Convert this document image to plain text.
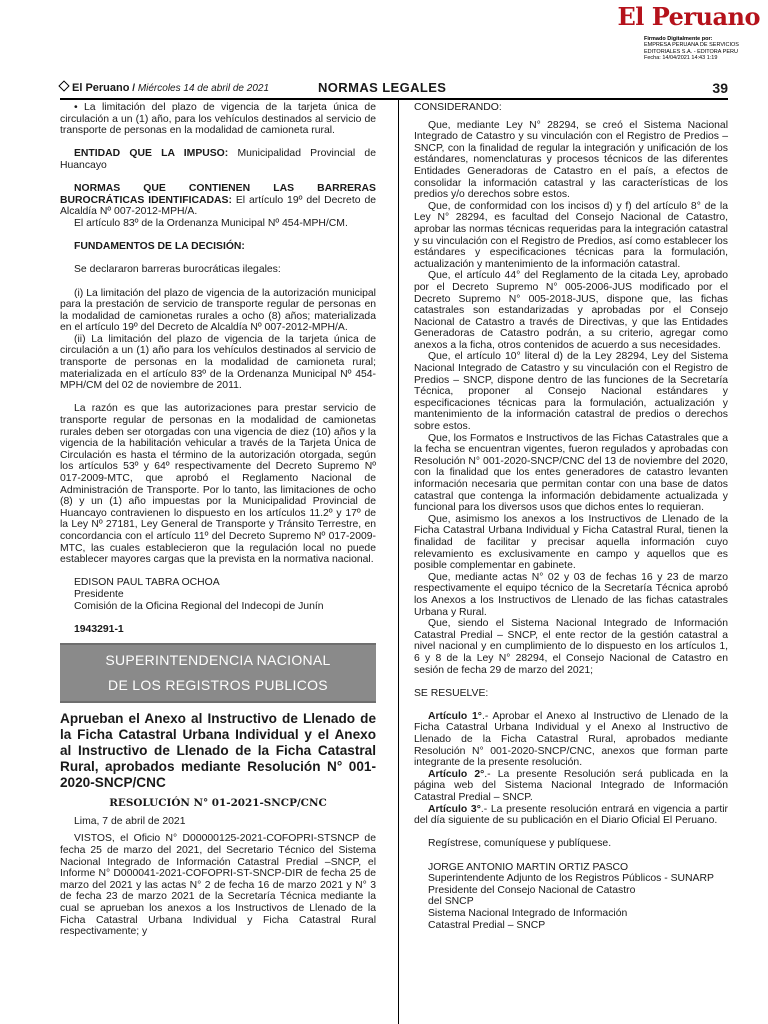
El Peruano
Firmado Digitalmente por:
EMPRESA PERUANA DE SERVICIOS
EDITORIALES S.A. - EDITORA PERU
Fecha: 14/04/2021 14:43 1:19
El Peruano / Miércoles 14 de abril de 2021	NORMAS LEGALES	39

• La limitación del plazo de vigencia de la tarjeta única de circulación a un (1) año, para los vehículos destinados al servicio de transporte de personas en la modalidad de camioneta rural.

ENTIDAD QUE LA IMPUSO: Municipalidad Provincial de Huancayo

NORMAS QUE CONTIENEN LAS BARRERAS BUROCRÁTICAS IDENTIFICADAS: El artículo 19º del Decreto de Alcaldía Nº 007-2012-MPH/A.

El artículo 83º de la Ordenanza Municipal Nº 454-MPH/CM.

FUNDAMENTOS DE LA DECISIÓN:

Se declararon barreras burocráticas ilegales:

(i) La limitación del plazo de vigencia de la autorización municipal para la prestación de servicio de transporte regular de personas en la modalidad de camionetas rurales a ocho (8) años; materializada en el artículo 19º del Decreto de Alcaldía Nº 007-2012-MPH/A.

(ii) La limitación del plazo de vigencia de la tarjeta única de circulación a un (1) año para los vehículos destinados al servicio de transporte de personas en la modalidad de camioneta rural; materializada en el artículo 83º de la Ordenanza Municipal Nº 454-MPH/CM del 02 de noviembre de 2011.

La razón es que las autorizaciones para prestar servicio de transporte regular de personas en la modalidad de camionetas rurales deben ser otorgadas con una vigencia de diez (10) años y la vigencia de la habilitación vehicular a través de la Tarjeta Única de Circulación es hasta el término de la autorización otorgada, según los artículos 53º y 64º respectivamente del Decreto Supremo Nº 017-2009-MTC, que aprobó el Reglamento Nacional de Administración de Transporte. Por lo tanto, las limitaciones de ocho (8) y un (1) año impuestas por la Municipalidad Provincial de Huancayo contravienen lo dispuesto en los artículos 11.2º y 17º de la Ley Nº 27181, Ley General de Transporte y Tránsito Terrestre, en concordancia con el artículo 11º del Decreto Supremo Nº 017-2009-MTC, las cuales establecieron que la regulación local no puede establecer mayores cargas que la prevista en la normativa nacional.

EDISON PAUL TABRA OCHOA

Presidente

Comisión de la Oficina Regional del Indecopi de Junín

1943291-1

SUPERINTENDENCIA NACIONAL
DE LOS REGISTROS PUBLICOS
Aprueban el Anexo al Instructivo de Llenado de la Ficha Catastral Urbana Individual y el Anexo al Instructivo de Llenado de la Ficha Catastral Rural, aprobados mediante Resolución N° 001-2020-SNCP/CNC
RESOLUCIÓN N° 01-2021-SNCP/CNC

Lima, 7 de abril de 2021

VISTOS, el Oficio N° D00000125-2021-COFOPRI-STSNCP de fecha 25 de marzo del 2021, del Secretario Técnico del Sistema Nacional Integrado de Información Catastral Predial –SNCP, el Informe N° D000041-2021-COFOPRI-ST-SNCP-DIR de fecha 25 de marzo del 2021 y las actas N° 2 de fecha 16 de marzo 2021 y N° 3 de fecha 23 de marzo 2021 de la Secretaría Técnica mediante la cual se aprueban los anexos a los Instructivos de Llenado de la Ficha Catastral Urbana Individual y Ficha Catastral Rural respectivamente; y

CONSIDERANDO:

Que, mediante Ley N° 28294, se creó el Sistema Nacional Integrado de Catastro y su vinculación con el Registro de Predios – SNCP, con la finalidad de regular la integración y unificación de los estándares, nomenclaturas y procesos técnicos de las diferentes Entidades Generadoras de Catastro en el país, a efectos de consolidar la información catastral y las características de los predios y/o derechos sobre estos.

Que, de conformidad con los incisos d) y f) del artículo 8° de la Ley N° 28294, es facultad del Consejo Nacional de Catastro, aprobar las normas técnicas requeridas para la integración catastral y su vinculación con el Registro de Predios, así como establecer los estándares y especificaciones técnicas para la formulación, actualización y mantenimiento de la información catastral.

Que, el artículo 44° del Reglamento de la citada Ley, aprobado por el Decreto Supremo N° 005-2006-JUS modificado por el Decreto Supremo N° 005-2018-JUS, dispone que, las fichas catastrales son estandarizadas y aprobadas por el Consejo Nacional de Catastro a través de Directivas, y que las Entidades Generadoras de Catastro podrán, a su criterio, agregar como anexos a la ficha, otros contenidos de acuerdo a sus necesidades.

Que, el artículo 10° literal d) de la Ley 28294, Ley del Sistema Nacional Integrado de Catastro y su vinculación con el Registro de Predios – SNCP, dispone dentro de las funciones de la Secretaría Técnica, proponer al Consejo Nacional estándares y especificaciones técnicas para la formulación, actualización y mantenimiento de la información catastral de predios o derechos sobre estos.

Que, los Formatos e Instructivos de las Fichas Catastrales que a la fecha se encuentran vigentes, fueron regulados y aprobadas con Resolución N° 001-2020-SNCP/CNC del 13 de noviembre del 2020, con la finalidad que los entes generadores de catastro levanten información necesaria que permitan contar con una base de datos catastral que contenga la información debidamente actualizada y funcional para los diversos usos que dichos entes lo requieran.

Que, asimismo los anexos a los Instructivos de Llenado de la Ficha Catastral Urbana Individual y Ficha Catastral Rural, tienen la finalidad de facilitar y precisar aquella información cuyo relevamiento es exclusivamente en campo y aquellos que es posible complementar en gabinete.

Que, mediante actas N° 02 y 03 de fechas 16 y 23 de marzo respectivamente el equipo técnico de la Secretaría Técnica aprobó los Anexos a los Instructivos de Llenado de las fichas catastrales Urbana y Rural.

Que, siendo el Sistema Nacional Integrado de Información Catastral Predial – SNCP, el ente rector de la gestión catastral a nivel nacional y en cumplimiento de lo dispuesto en los artículos 1, 6 y 8 de la Ley N° 28294, el Consejo Nacional de Catastro en sesión de fecha 29 de marzo del 2021;

SE RESUELVE:

Artículo 1°.- Aprobar el Anexo al Instructivo de Llenado de la Ficha Catastral Urbana Individual y el Anexo al Instructivo de Llenado de la Ficha Catastral Rural, aprobados mediante Resolución N° 001-2020-SNCP/CNC, anexos que forman parte integrante de la presente resolución.

Artículo 2°.- La presente Resolución será publicada en la página web del Sistema Nacional Integrado de Información Catastral Predial – SNCP.

Artículo 3°.- La presente resolución entrará en vigencia a partir del día siguiente de su publicación en el Diario Oficial El Peruano.

Regístrese, comuníquese y publíquese.

JORGE ANTONIO MARTIN ORTIZ PASCO

Superintendente Adjunto de los Registros Públicos - SUNARP

Presidente del Consejo Nacional de Catastro

del SNCP

Sistema Nacional Integrado de Información

Catastral Predial – SNCP
